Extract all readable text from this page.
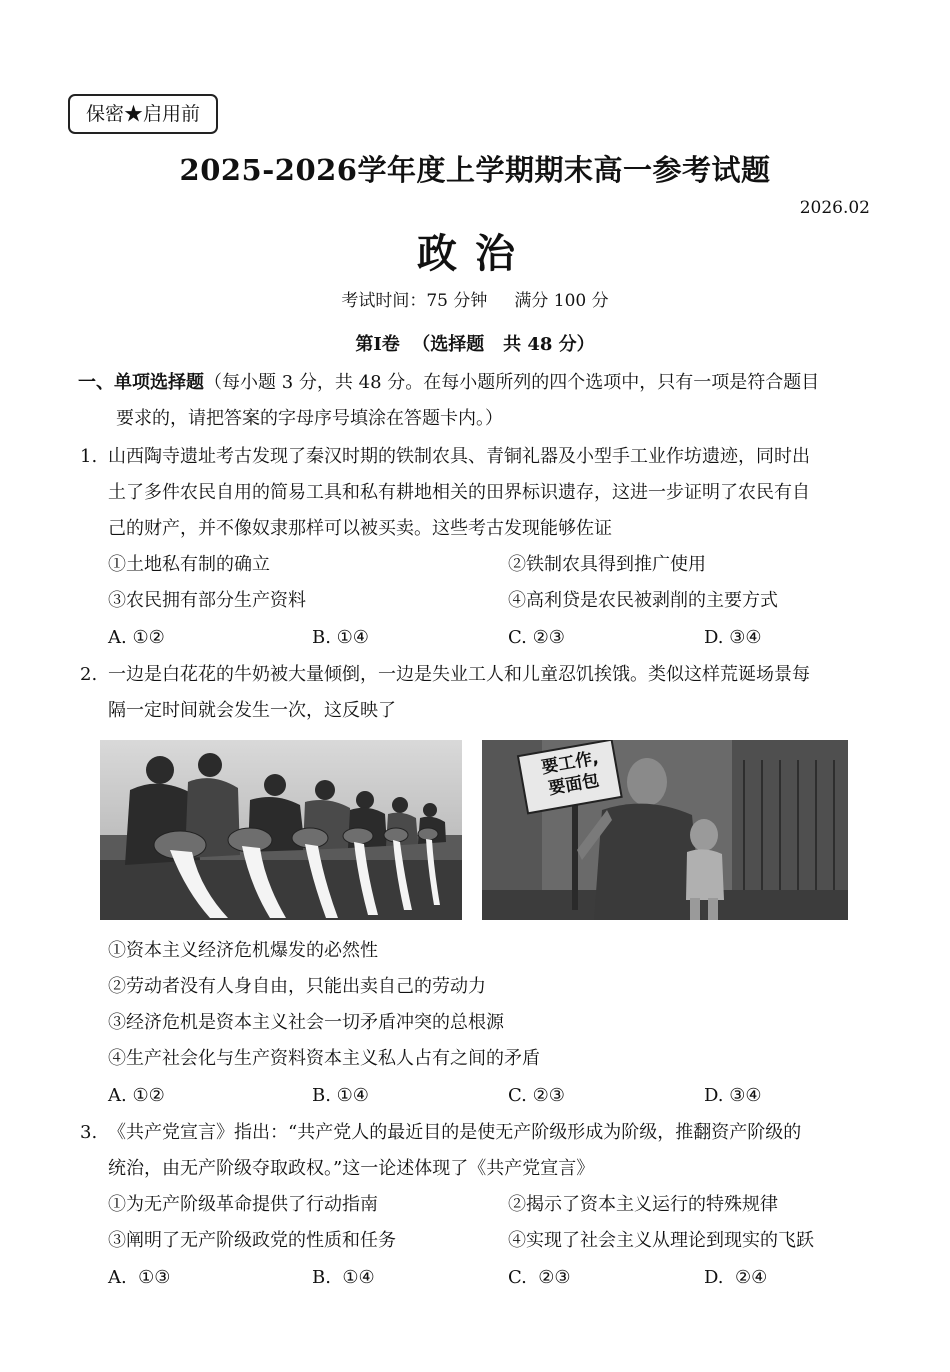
保密★启用前
2025-2026学年度上学期期末高一参考试题
2026.02
政治
考试时间：75 分钟     满分 100 分
第Ⅰ卷  （选择题   共 48 分）
一、单项选择题（每小题 3 分，共 48 分。在每小题所列的四个选项中，只有一项是符合题目
要求的，请把答案的字母序号填涂在答题卡内。）
1. 山西陶寺遗址考古发现了秦汉时期的铁制农具、青铜礼器及小型手工业作坊遗迹，同时出
土了多件农民自用的简易工具和私有耕地相关的田界标识遗存，这进一步证明了农民有自
己的财产，并不像奴隶那样可以被买卖。这些考古发现能够佐证
①土地私有制的确立	②铁制农具得到推广使用
③农民拥有部分生产资料	④高利贷是农民被剥削的主要方式
A. ①②	B. ①④	C. ②③	D. ③④
2. 一边是白花花的牛奶被大量倾倒，一边是失业工人和儿童忍饥挨饿。类似这样荒诞场景每
隔一定时间就会发生一次，这反映了
要工作,
要面包
①资本主义经济危机爆发的必然性
②劳动者没有人身自由，只能出卖自己的劳动力
③经济危机是资本主义社会一切矛盾冲突的总根源
④生产社会化与生产资料资本主义私人占有之间的矛盾
A. ①②	B. ①④	C. ②③	D. ③④
3. 《共产党宣言》指出：“共产党人的最近目的是使无产阶级形成为阶级，推翻资产阶级的
统治，由无产阶级夺取政权。”这一论述体现了《共产党宣言》
①为无产阶级革命提供了行动指南	②揭示了资本主义运行的特殊规律
③阐明了无产阶级政党的性质和任务	④实现了社会主义从理论到现实的飞跃
A.  ①③	B.  ①④	C.  ②③	D.  ②④
